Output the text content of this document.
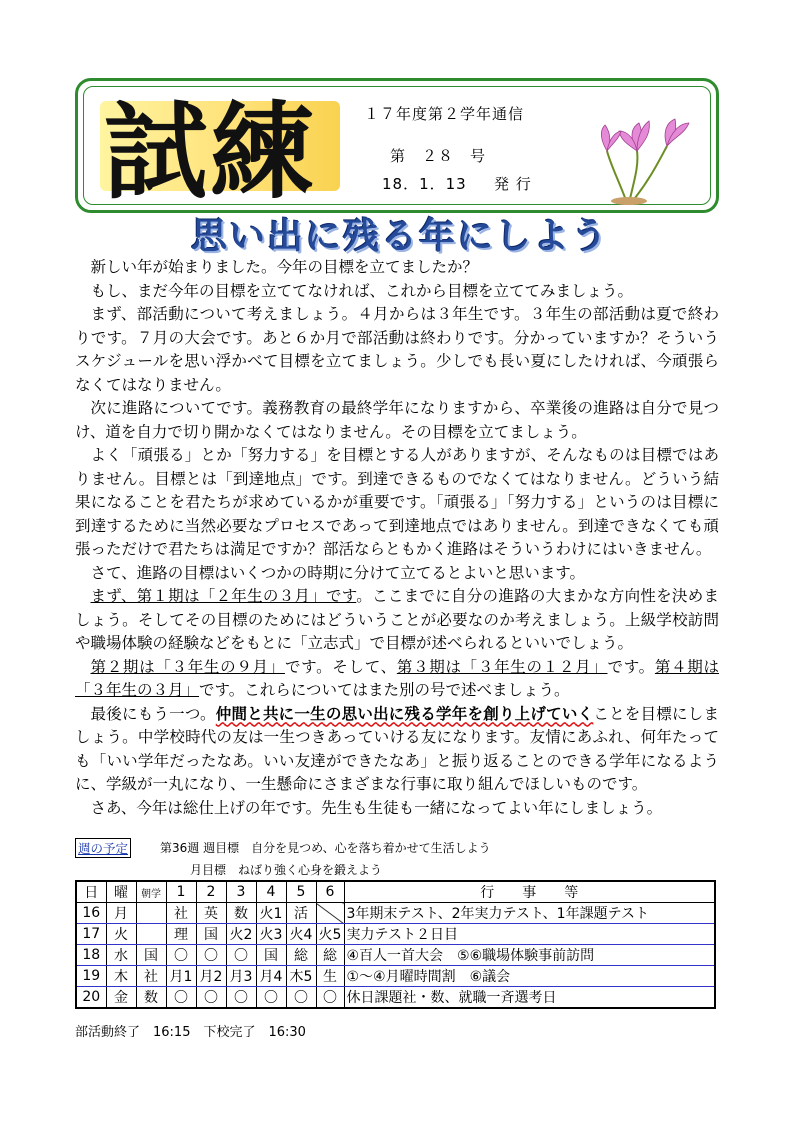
試練	１７年度第２学年通信
第　２８　号
18．1．13 発 行
思い出に残る年にしよう

新しい年が始まりました。今年の目標を立てましたか？

もし、まだ今年の目標を立ててなければ、これから目標を立ててみましょう。

まず、部活動について考えましょう。４月からは３年生です。３年生の部活動は夏で終わりです。７月の大会です。あと６か月で部活動は終わりです。分かっていますか？そういうスケジュールを思い浮かべて目標を立てましょう。少しでも長い夏にしたければ、今頑張らなくてはなりません。

次に進路についてです。義務教育の最終学年になりますから、卒業後の進路は自分で見つけ、道を自力で切り開かなくてはなりません。その目標を立てましょう。

よく「頑張る」とか「努力する」を目標とする人がありますが、そんなものは目標ではありません。目標とは「到達地点」です。到達できるものでなくてはなりません。どういう結果になることを君たちが求めているかが重要です。「頑張る」「努力する」というのは目標に到達するために当然必要なプロセスであって到達地点ではありません。到達できなくても頑張っただけで君たちは満足ですか？部活ならともかく進路はそういうわけにはいきません。

さて、進路の目標はいくつかの時期に分けて立てるとよいと思います。

まず、第１期は「２年生の３月」です。ここまでに自分の進路の大まかな方向性を決めましょう。そしてその目標のためにはどういうことが必要なのか考えましょう。上級学校訪問や職場体験の経験などをもとに「立志式」で目標が述べられるといいでしょう。

第２期は「３年生の９月」です。そして、第３期は「３年生の１２月」です。第４期は「３年生の３月」です。これらについてはまた別の号で述べましょう。

最後にもう一つ。仲間と共に一生の思い出に残る学年を創り上げていくことを目標にしましょう。中学校時代の友は一生つきあっていける友になります。友情にあふれ、何年たっても「いい学年だったなあ。いい友達ができたなあ」と振り返ることのできる学年になるように、学級が一丸になり、一生懸命にさまざまな行事に取り組んでほしいものです。

さあ、今年は総仕上げの年です。先生も生徒も一緒になってよい年にしましょう。

週の予定	第36週 週目標　自分を見つめ、心を落ち着かせて生活しよう
月目標　ねばり強く心身を鍛えよう
日	曜	朝学	1	2	3	4	5	6	行　　事　　等
16	月		社	英	数	火1	活		3年期末テスト、2年実力テスト、1年課題テスト
17	火		理	国	火2	火3	火4	火5	実力テスト２日目
18	水	国	〇	〇	〇	国	総	総	④百人一首大会　⑤⑥職場体験事前訪問
19	木	社	月1	月2	月3	月4	木5	生	①～④月曜時間割　⑥議会
20	金	数	〇	〇	〇	〇	〇	〇	休日課題社・数、就職一斉選考日
部活動終了　16:15　下校完了　16:30
